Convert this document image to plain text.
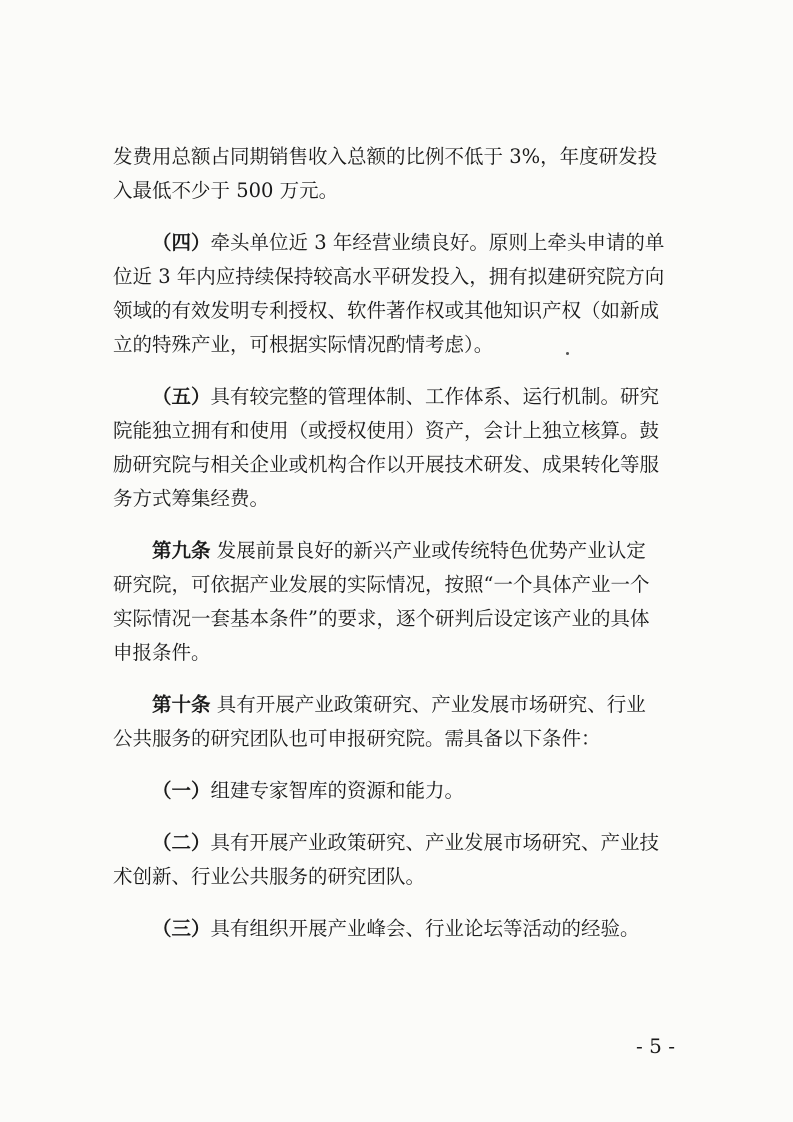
发费用总额占同期销售收入总额的比例不低于 3%，年度研发投
入最低不少于 500 万元。
（四）牵头单位近 3 年经营业绩良好。原则上牵头申请的单
位近 3 年内应持续保持较高水平研发投入，拥有拟建研究院方向
领域的有效发明专利授权、软件著作权或其他知识产权（如新成
立的特殊产业，可根据实际情况酌情考虑）。
（五）具有较完整的管理体制、工作体系、运行机制。研究
院能独立拥有和使用（或授权使用）资产，会计上独立核算。鼓
励研究院与相关企业或机构合作以开展技术研发、成果转化等服
务方式筹集经费。
第九条 发展前景良好的新兴产业或传统特色优势产业认定
研究院，可依据产业发展的实际情况，按照“一个具体产业一个
实际情况一套基本条件”的要求，逐个研判后设定该产业的具体
申报条件。
第十条 具有开展产业政策研究、产业发展市场研究、行业
公共服务的研究团队也可申报研究院。需具备以下条件：
（一）组建专家智库的资源和能力。
（二）具有开展产业政策研究、产业发展市场研究、产业技
术创新、行业公共服务的研究团队。
（三）具有组织开展产业峰会、行业论坛等活动的经验。
- 5 -
